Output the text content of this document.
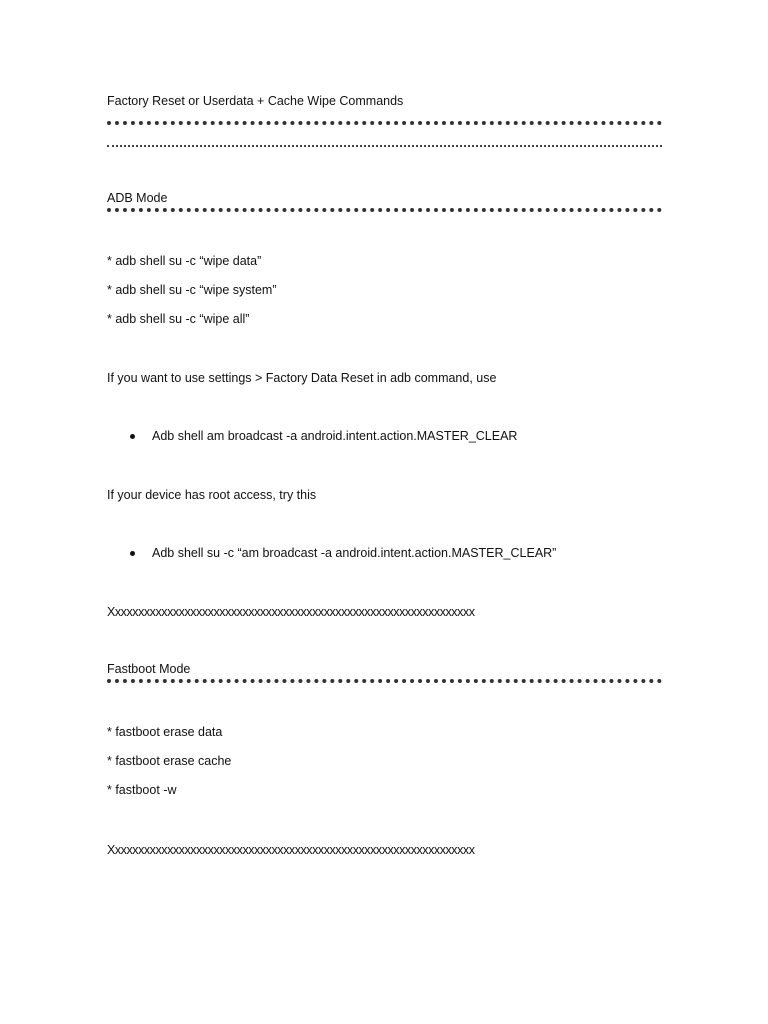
Factory Reset or Userdata + Cache Wipe Commands
ADB Mode
* adb shell su -c “wipe data”
* adb shell su -c “wipe system”
* adb shell su -c “wipe all”
If you want to use settings > Factory Data Reset in adb command, use
Adb shell am broadcast -a android.intent.action.MASTER_CLEAR
If your device has root access, try this
Adb shell su -c “am broadcast -a android.intent.action.MASTER_CLEAR”
Xxxxxxxxxxxxxxxxxxxxxxxxxxxxxxxxxxxxxxxxxxxxxxxxxxxxxxxxxxxxxxx
Fastboot Mode
* fastboot erase data
* fastboot erase cache
* fastboot -w
Xxxxxxxxxxxxxxxxxxxxxxxxxxxxxxxxxxxxxxxxxxxxxxxxxxxxxxxxxxxxxxx
